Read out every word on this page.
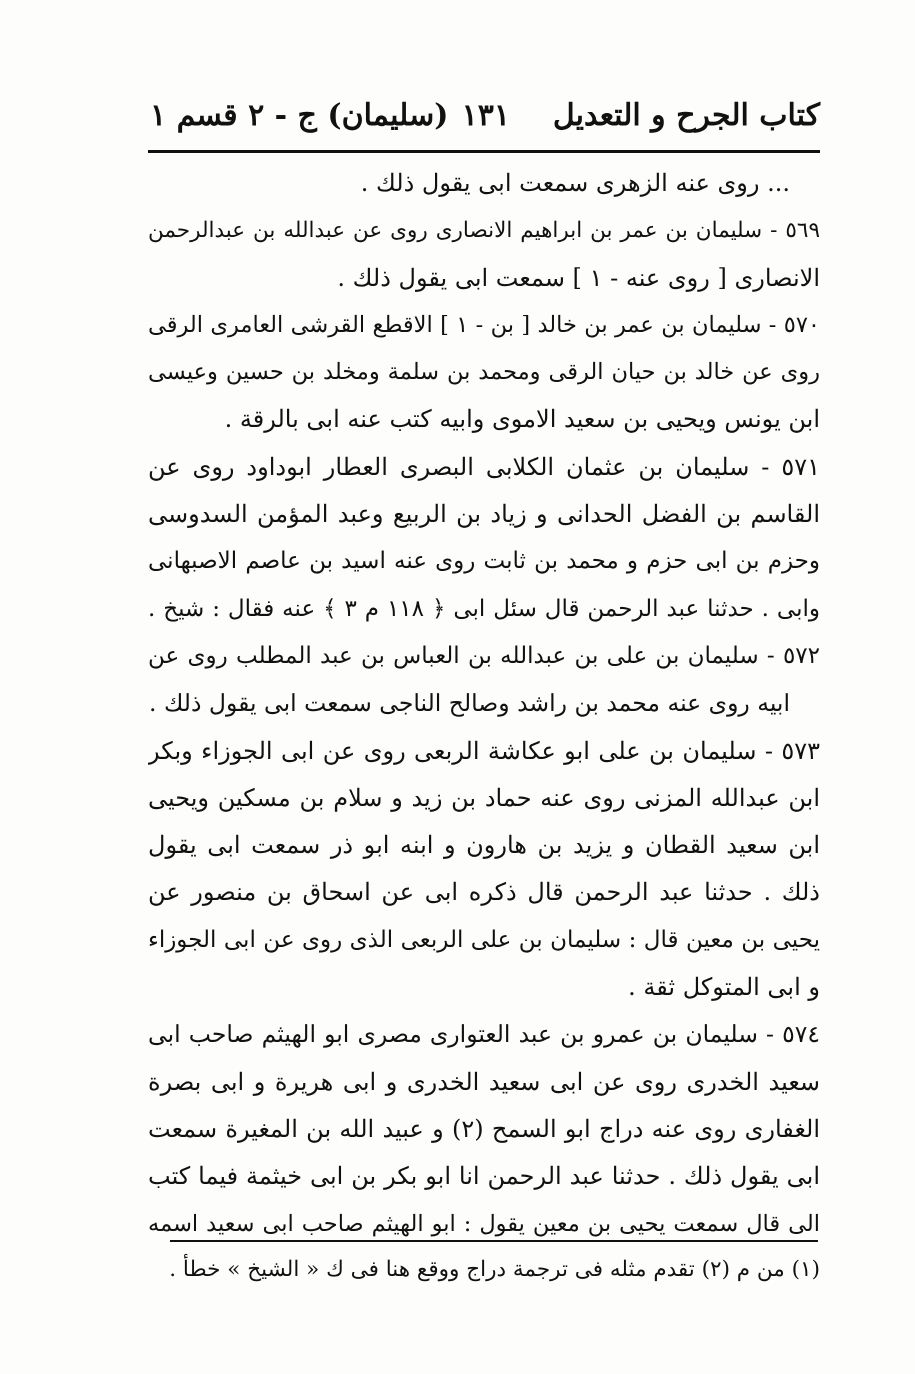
كتاب الجرح و التعديل
١٣١
(سليمان) ج - ٢ قسم ١
... روى عنه الزهرى سمعت ابى يقول ذلك .
٥٦٩ - سليمان بن عمر بن ابراهيم الانصارى روى عن عبدالله بن عبدالرحمن
الانصارى [ روى عنه - ١ ] سمعت ابى يقول ذلك .
٥٧٠ - سليمان بن عمر بن خالد [ بن - ١ ] الاقطع القرشى العامرى الرقى
روى عن خالد بن حيان الرقى ومحمد بن سلمة ومخلد بن حسين وعيسى
ابن يونس ويحيى بن سعيد الاموى وابيه كتب عنه ابى بالرقة .
٥٧١ - سليمان بن عثمان الكلابى البصرى العطار ابوداود روى عن
القاسم بن الفضل الحدانى و زياد بن الربيع وعبد المؤمن السدوسى
وحزم بن ابى حزم و محمد بن ثابت روى عنه اسيد بن عاصم الاصبهانى
وابى . حدثنا عبد الرحمن قال سئل ابى ﴿ ١١٨ م ٣ ﴾ عنه فقال : شيخ .
٥٧٢ - سليمان بن على بن عبدالله بن العباس بن عبد المطلب روى عن
ابيه روى عنه محمد بن راشد وصالح الناجى سمعت ابى يقول ذلك .
٥٧٣ - سليمان بن على ابو عكاشة الربعى روى عن ابى الجوزاء وبكر
ابن عبدالله المزنى روى عنه حماد بن زيد و سلام بن مسكين ويحيى
ابن سعيد القطان و يزيد بن هارون و ابنه ابو ذر سمعت ابى يقول
ذلك . حدثنا عبد الرحمن قال ذكره ابى عن اسحاق بن منصور عن
يحيى بن معين قال : سليمان بن على الربعى الذى روى عن ابى الجوزاء
و ابى المتوكل ثقة .
٥٧٤ - سليمان بن عمرو بن عبد العتوارى مصرى ابو الهيثم صاحب ابى
سعيد الخدرى روى عن ابى سعيد الخدرى و ابى هريرة و ابى بصرة
الغفارى روى عنه دراج ابو السمح (٢) و عبيد الله بن المغيرة سمعت
ابى يقول ذلك . حدثنا عبد الرحمن انا ابو بكر بن ابى خيثمة فيما كتب
الى قال سمعت يحيى بن معين يقول : ابو الهيثم صاحب ابى سعيد اسمه
(١) من م (٢) تقدم مثله فى ترجمة دراج ووقع هنا فى ك « الشيخ » خطأ .
